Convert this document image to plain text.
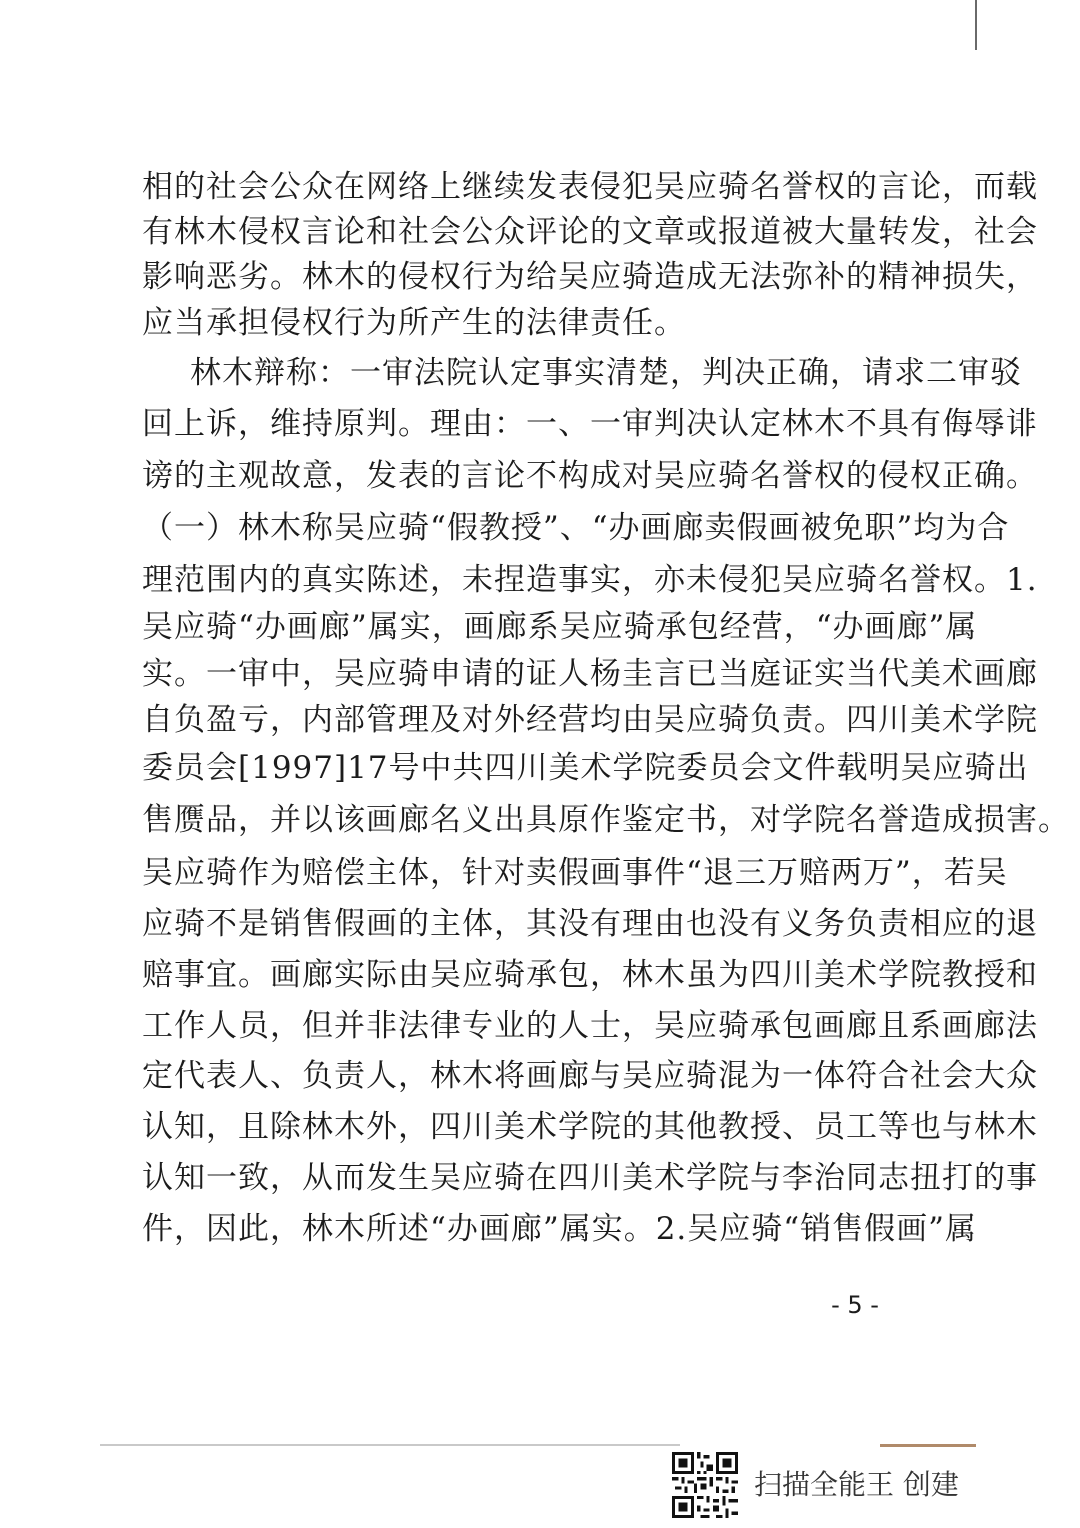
相的社会公众在网络上继续发表侵犯吴应骑名誉权的言论，而载
有林木侵权言论和社会公众评论的文章或报道被大量转发，社会
影响恶劣。林木的侵权行为给吴应骑造成无法弥补的精神损失，
应当承担侵权行为所产生的法律责任。
林木辩称：一审法院认定事实清楚，判决正确，请求二审驳
回上诉，维持原判。理由：一、一审判决认定林木不具有侮辱诽
谤的主观故意，发表的言论不构成对吴应骑名誉权的侵权正确。
（一）林木称吴应骑“假教授”、“办画廊卖假画被免职”均为合
理范围内的真实陈述，未捏造事实，亦未侵犯吴应骑名誉权。1.
吴应骑“办画廊”属实，画廊系吴应骑承包经营，“办画廊”属
实。一审中，吴应骑申请的证人杨圭言已当庭证实当代美术画廊
自负盈亏，内部管理及对外经营均由吴应骑负责。四川美术学院
委员会[1997]17号中共四川美术学院委员会文件载明吴应骑出
售赝品，并以该画廊名义出具原作鉴定书，对学院名誉造成损害。
吴应骑作为赔偿主体，针对卖假画事件“退三万赔两万”，若吴
应骑不是销售假画的主体，其没有理由也没有义务负责相应的退
赔事宜。画廊实际由吴应骑承包，林木虽为四川美术学院教授和
工作人员，但并非法律专业的人士，吴应骑承包画廊且系画廊法
定代表人、负责人，林木将画廊与吴应骑混为一体符合社会大众
认知，且除林木外，四川美术学院的其他教授、员工等也与林木
认知一致，从而发生吴应骑在四川美术学院与李治同志扭打的事
件，因此，林木所述“办画廊”属实。2.吴应骑“销售假画”属
- 5 -
扫描全能王 创建
